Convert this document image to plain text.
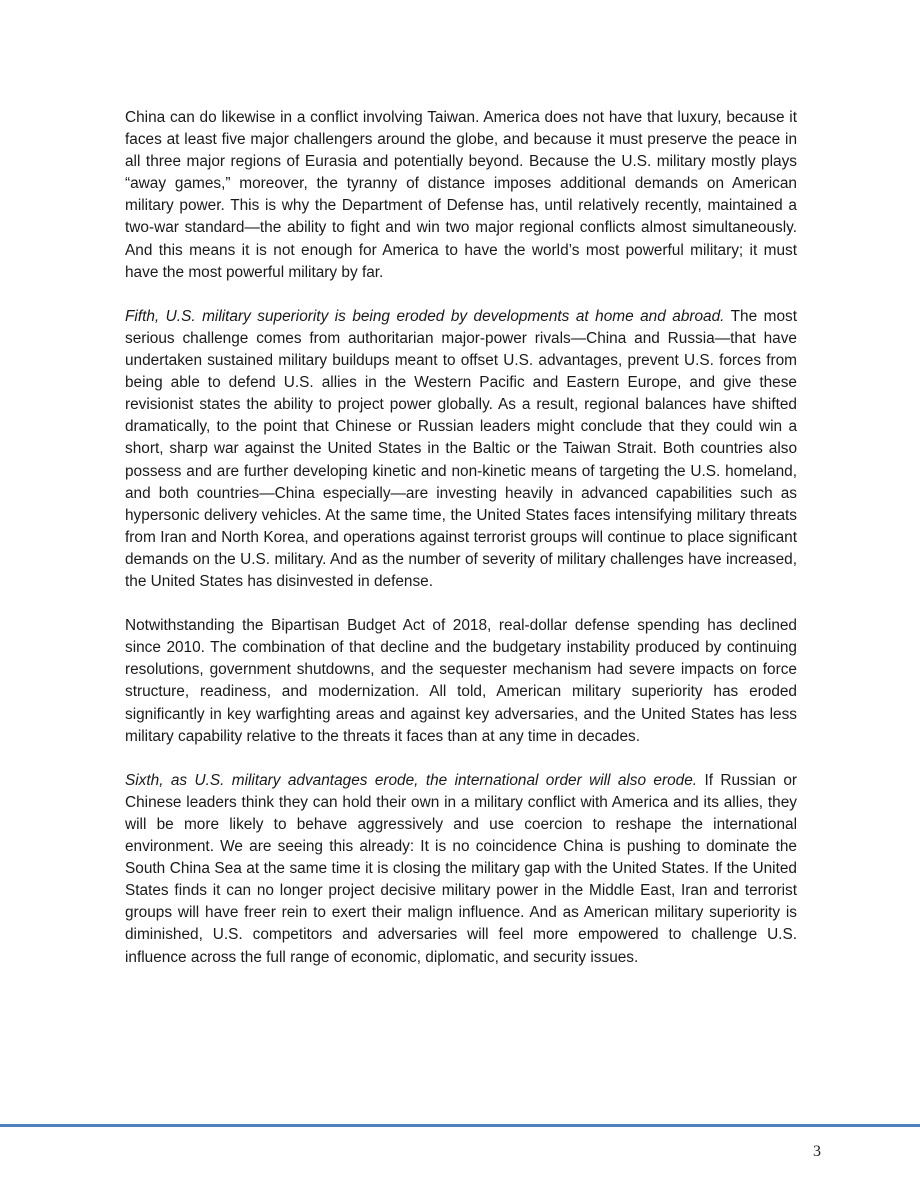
China can do likewise in a conflict involving Taiwan. America does not have that luxury, because it faces at least five major challengers around the globe, and because it must preserve the peace in all three major regions of Eurasia and potentially beyond. Because the U.S. military mostly plays “away games,” moreover, the tyranny of distance imposes additional demands on American military power. This is why the Department of Defense has, until relatively recently, maintained a two-war standard—the ability to fight and win two major regional conflicts almost simultaneously. And this means it is not enough for America to have the world’s most powerful military; it must have the most powerful military by far.

Fifth, U.S. military superiority is being eroded by developments at home and abroad. The most serious challenge comes from authoritarian major-power rivals—China and Russia—that have undertaken sustained military buildups meant to offset U.S. advantages, prevent U.S. forces from being able to defend U.S. allies in the Western Pacific and Eastern Europe, and give these revisionist states the ability to project power globally. As a result, regional balances have shifted dramatically, to the point that Chinese or Russian leaders might conclude that they could win a short, sharp war against the United States in the Baltic or the Taiwan Strait. Both countries also possess and are further developing kinetic and non-kinetic means of targeting the U.S. homeland, and both countries—China especially—are investing heavily in advanced capabilities such as hypersonic delivery vehicles. At the same time, the United States faces intensifying military threats from Iran and North Korea, and operations against terrorist groups will continue to place significant demands on the U.S. military. And as the number of severity of military challenges have increased, the United States has disinvested in defense.

Notwithstanding the Bipartisan Budget Act of 2018, real-dollar defense spending has declined since 2010. The combination of that decline and the budgetary instability produced by continuing resolutions, government shutdowns, and the sequester mechanism had severe impacts on force structure, readiness, and modernization. All told, American military superiority has eroded significantly in key warfighting areas and against key adversaries, and the United States has less military capability relative to the threats it faces than at any time in decades.

Sixth, as U.S. military advantages erode, the international order will also erode. If Russian or Chinese leaders think they can hold their own in a military conflict with America and its allies, they will be more likely to behave aggressively and use coercion to reshape the international environment. We are seeing this already: It is no coincidence China is pushing to dominate the South China Sea at the same time it is closing the military gap with the United States. If the United States finds it can no longer project decisive military power in the Middle East, Iran and terrorist groups will have freer rein to exert their malign influence. And as American military superiority is diminished, U.S. competitors and adversaries will feel more empowered to challenge U.S. influence across the full range of economic, diplomatic, and security issues.

3
